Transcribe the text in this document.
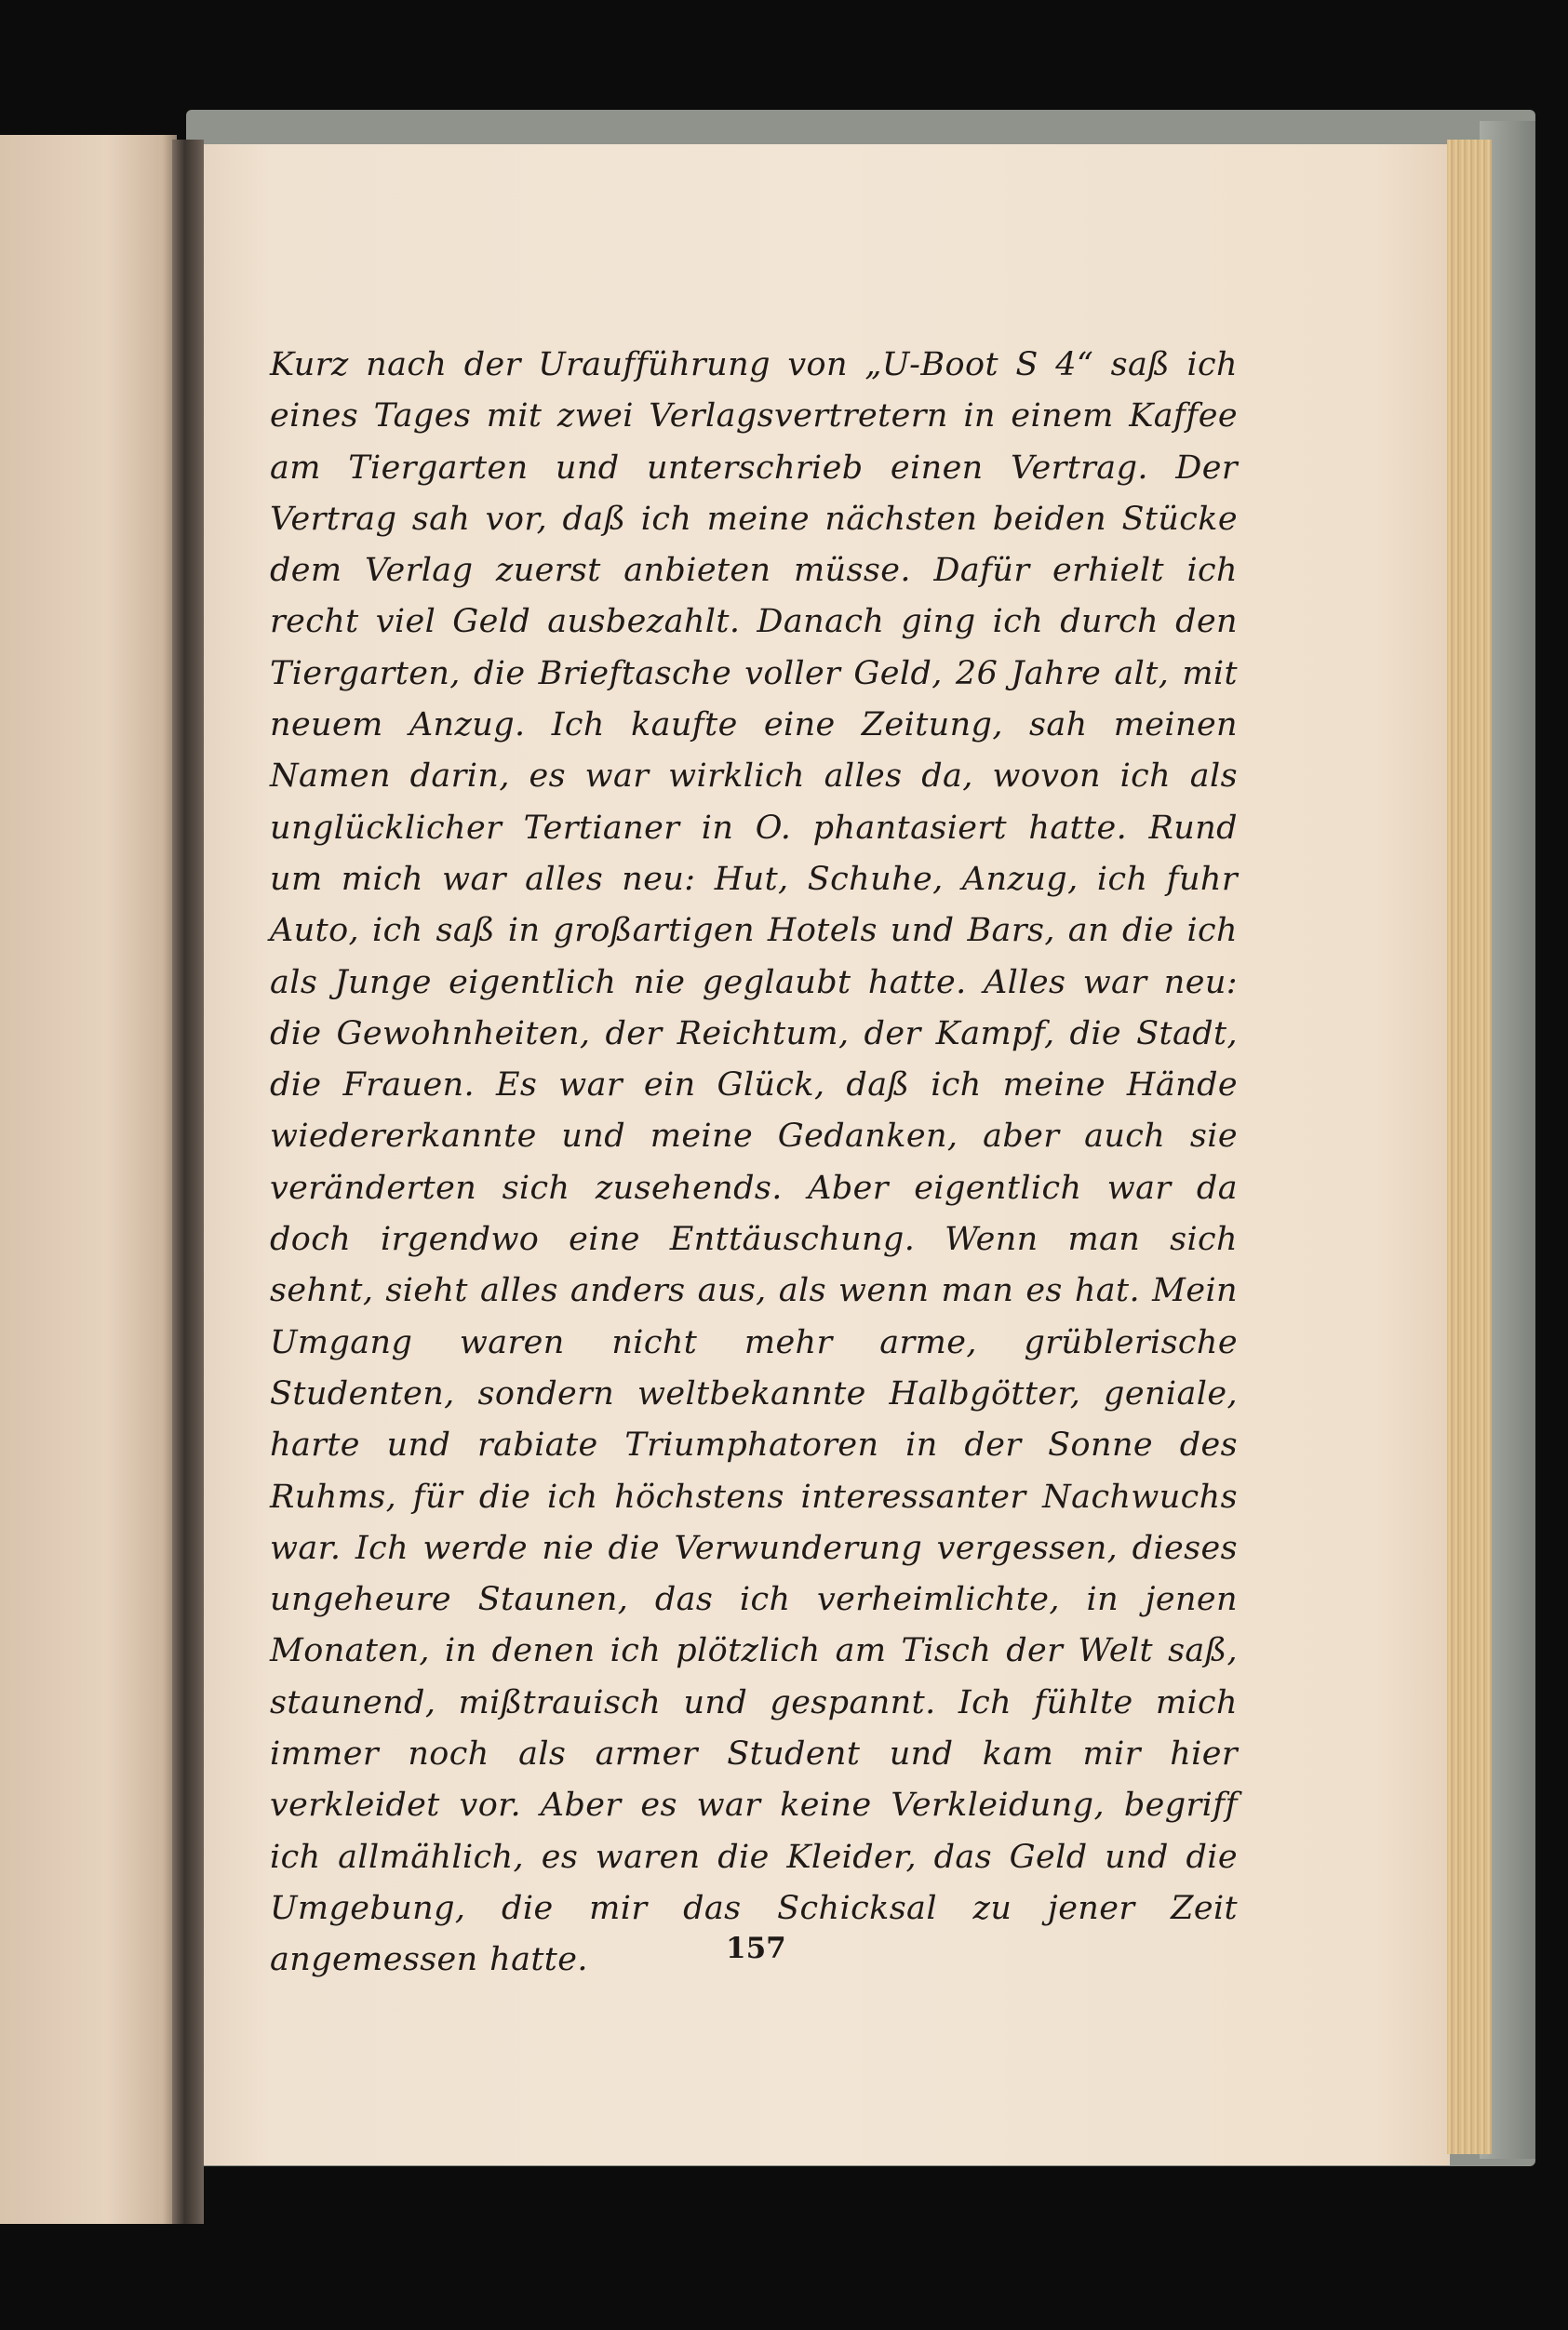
Kurz nach der Uraufführung von „U-Boot S 4“ saß ich eines Tages mit zwei Verlagsvertretern in einem Kaffee am Tiergarten und unterschrieb einen Vertrag. Der Vertrag sah vor, daß ich meine nächsten beiden Stücke dem Verlag zuerst anbieten müsse. Dafür erhielt ich recht viel Geld ausbezahlt. Danach ging ich durch den Tiergarten, die Brieftasche voller Geld, 26 Jahre alt, mit neuem Anzug. Ich kaufte eine Zeitung, sah meinen Namen darin, es war wirklich alles da, wovon ich als unglücklicher Tertianer in O. phantasiert hatte. Rund um mich war alles neu: Hut, Schuhe, Anzug, ich fuhr Auto, ich saß in großartigen Hotels und Bars, an die ich als Junge eigentlich nie geglaubt hatte. Alles war neu: die Gewohnheiten, der Reichtum, der Kampf, die Stadt, die Frauen. Es war ein Glück, daß ich meine Hände wiedererkannte und meine Gedanken, aber auch sie veränderten sich zusehends. Aber eigentlich war da doch irgendwo eine Enttäuschung. Wenn man sich sehnt, sieht alles anders aus, als wenn man es hat. Mein Umgang waren nicht mehr arme, grüblerische Studenten, sondern weltbekannte Halbgötter, geniale, harte und rabiate Triumphatoren in der Sonne des Ruhms, für die ich höchstens interessanter Nachwuchs war. Ich werde nie die Verwunderung vergessen, dieses ungeheure Staunen, das ich verheimlichte, in jenen Monaten, in denen ich plötzlich am Tisch der Welt saß, staunend, mißtrauisch und gespannt. Ich fühlte mich immer noch als armer Student und kam mir hier verkleidet vor. Aber es war keine Verkleidung, begriff ich allmählich, es waren die Kleider, das Geld und die Umgebung, die mir das Schicksal zu jener Zeit angemessen hatte.	157
